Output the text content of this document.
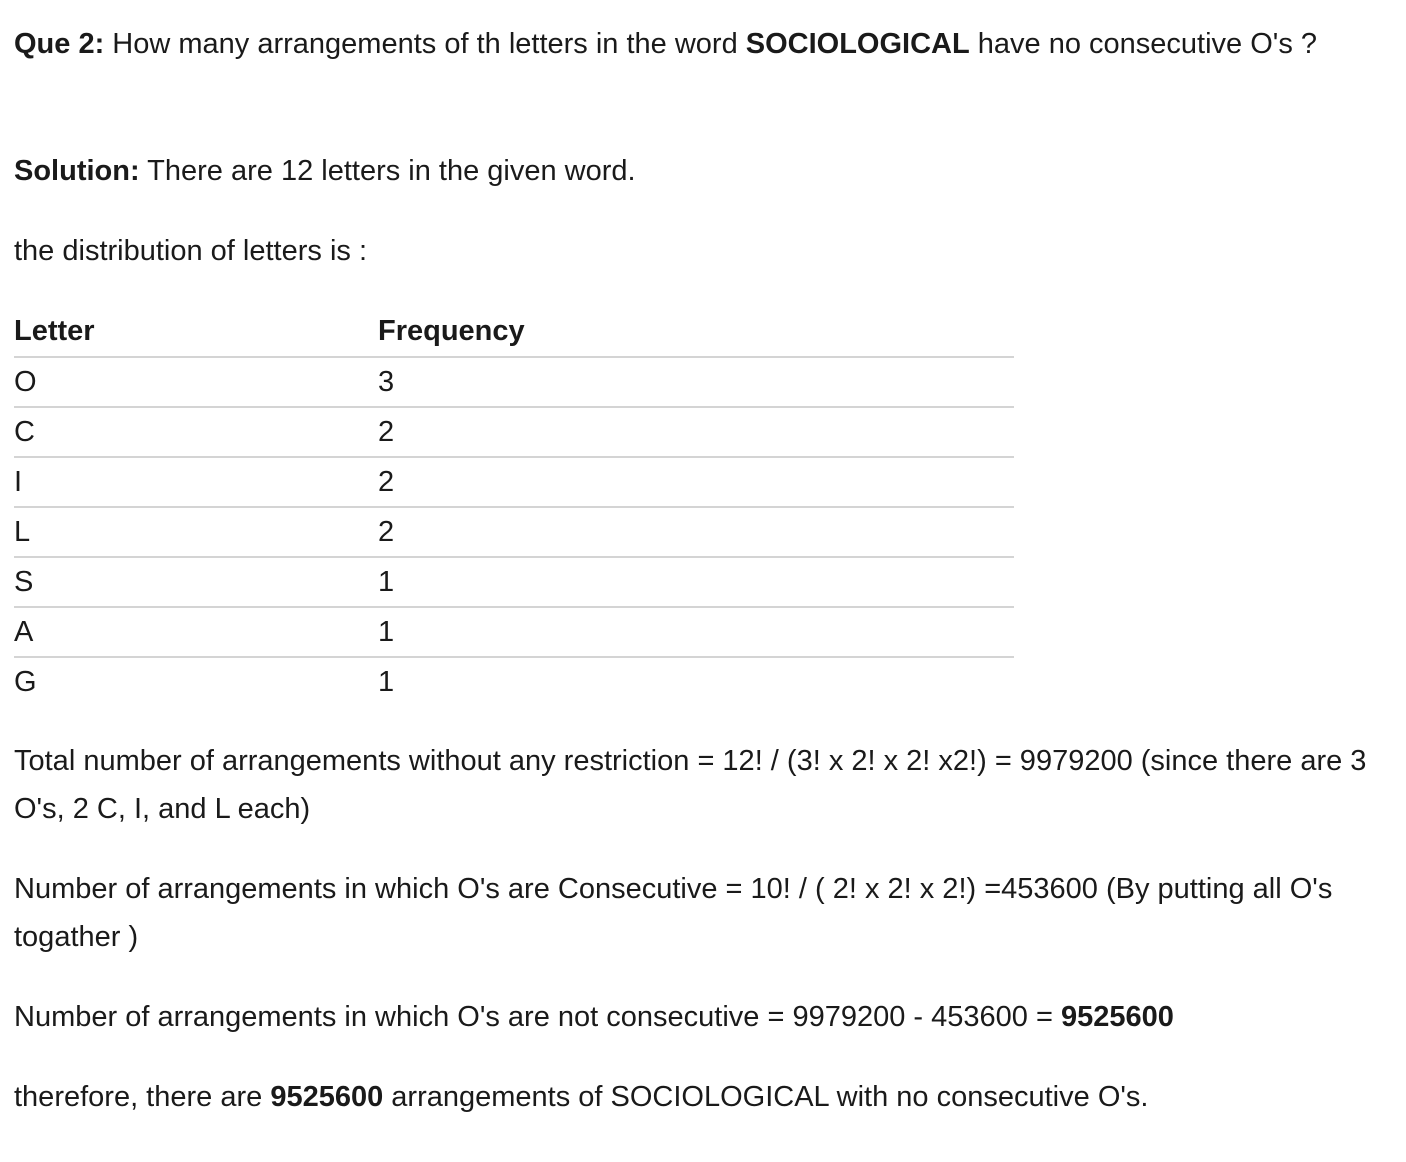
Que 2: How many arrangements of th letters in the word SOCIOLOGICAL have no consecutive O's ?

Solution: There are 12 letters in the given word.

the distribution of letters is :

Letter	Frequency
O	3
C	2
I	2
L	2
S	1
A	1
G	1

Total number of arrangements without any restriction = 12! / (3! x 2! x 2! x2!) = 9979200 (since there are 3 O's, 2 C, I, and L each)

Number of arrangements in which O's are Consecutive = 10! / ( 2! x 2! x 2!) =453600 (By putting all O's togather )

Number of arrangements in which O's are not consecutive = 9979200 - 453600 = 9525600

therefore, there are 9525600 arrangements of SOCIOLOGICAL with no consecutive O's.
